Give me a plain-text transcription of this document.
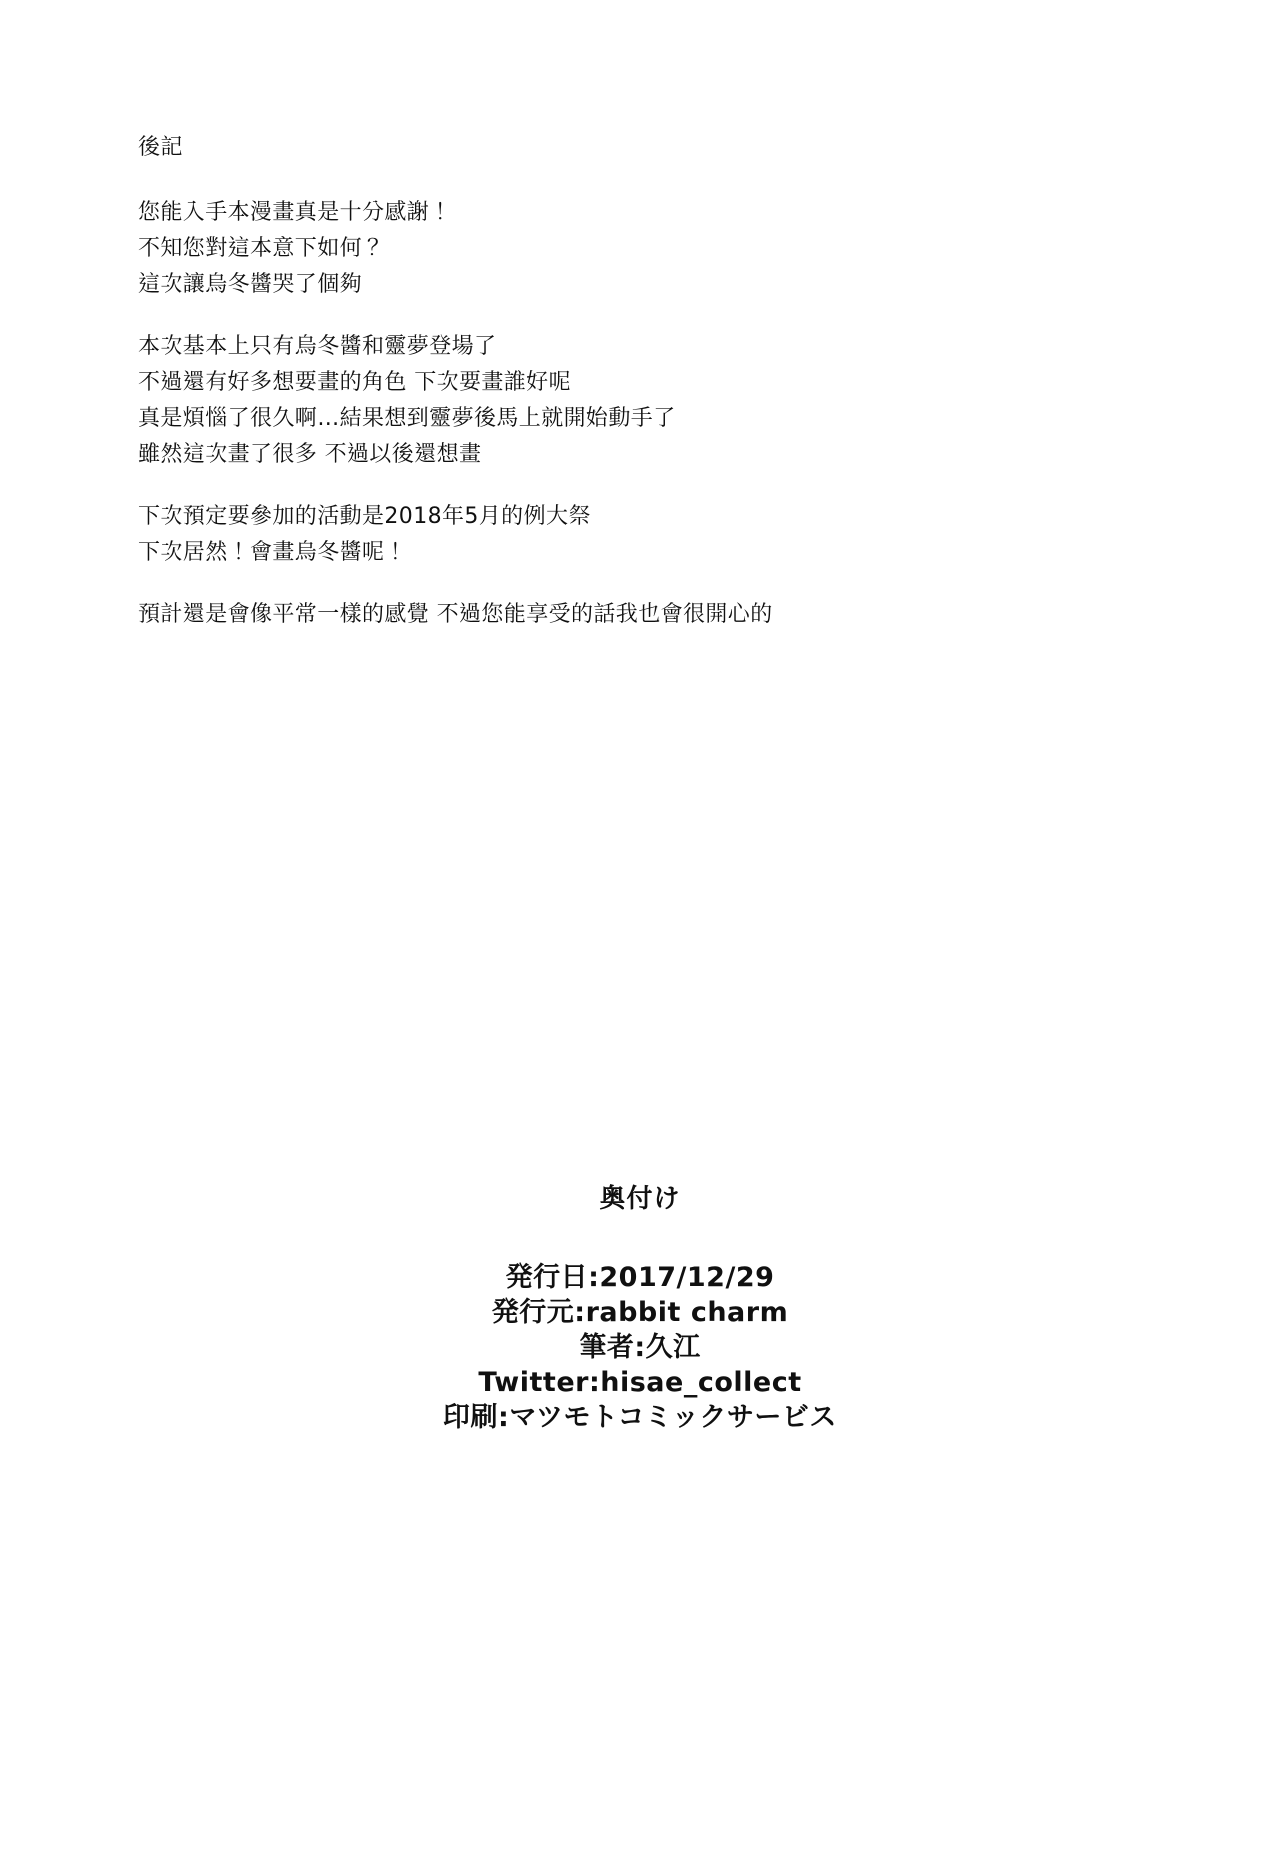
後記
您能入手本漫畫真是十分感謝！
不知您對這本意下如何？
這次讓烏冬醬哭了個夠
本次基本上只有烏冬醬和靈夢登場了
不過還有好多想要畫的角色 下次要畫誰好呢
真是煩惱了很久啊…結果想到靈夢後馬上就開始動手了
雖然這次畫了很多 不過以後還想畫
下次預定要參加的活動是2018年5月的例大祭
下次居然！會畫烏冬醬呢！
預計還是會像平常一樣的感覺 不過您能享受的話我也會很開心的
奥付け
発行日:2017/12/29
発行元:rabbit charm
筆者:久江
Twitter:hisae_collect
印刷:マツモトコミックサービス
